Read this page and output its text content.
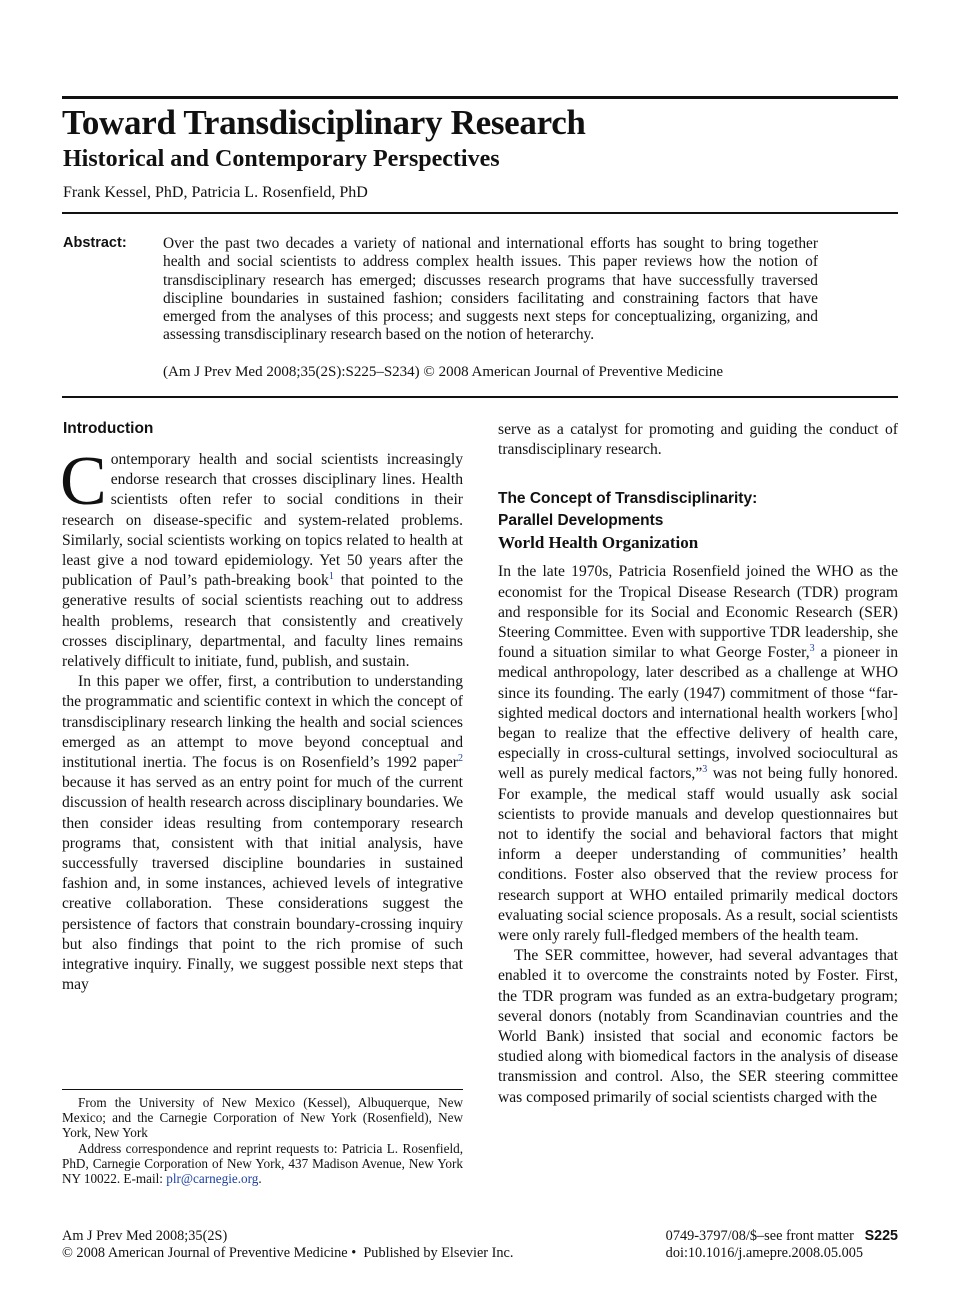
Toward Transdisciplinary Research
Historical and Contemporary Perspectives
Frank Kessel, PhD, Patricia L. Rosenfield, PhD
Abstract: Over the past two decades a variety of national and international efforts has sought to bring together health and social scientists to address complex health issues. This paper reviews how the notion of transdisciplinary research has emerged; discusses research programs that have successfully traversed discipline boundaries in sustained fashion; considers facilitating and constraining factors that have emerged from the analyses of this process; and suggests next steps for conceptualizing, organizing, and assessing transdisciplinary research based on the notion of heterarchy.
(Am J Prev Med 2008;35(2S):S225–S234) © 2008 American Journal of Preventive Medicine
Introduction

Contemporary health and social scientists increasingly endorse research that crosses disciplinary lines. Health scientists often refer to social conditions in their research on disease-specific and system-related problems. Similarly, social scientists working on topics related to health at least give a nod toward epidemiology. Yet 50 years after the publication of Paul’s path-breaking book$^1$ that pointed to the generative results of social scientists reaching out to address health problems, research that consistently and creatively crosses disciplinary, departmental, and faculty lines remains relatively difficult to initiate, fund, publish, and sustain.

In this paper we offer, first, a contribution to understanding the programmatic and scientific context in which the concept of transdisciplinary research linking the health and social sciences emerged as an attempt to move beyond conceptual and institutional inertia. The focus is on Rosenfield’s 1992 paper$^2$ because it has served as an entry point for much of the current discussion of health research across disciplinary boundaries. We then consider ideas resulting from contemporary research programs that, consistent with that initial analysis, have successfully traversed discipline boundaries in sustained fashion and, in some instances, achieved levels of integrative creative collaboration. These considerations suggest the persistence of factors that constrain boundary-crossing inquiry but also findings that point to the rich promise of such integrative inquiry. Finally, we suggest possible next steps that may

serve as a catalyst for promoting and guiding the conduct of transdisciplinary research.

The Concept of Transdisciplinarity:
Parallel Developments

World Health Organization

In the late 1970s, Patricia Rosenfield joined the WHO as the economist for the Tropical Disease Research (TDR) program and responsible for its Social and Economic Research (SER) Steering Committee. Even with supportive TDR leadership, she found a situation similar to what George Foster,$^3$ a pioneer in medical anthropology, later described as a challenge at WHO since its founding. The early (1947) commitment of those “far-sighted medical doctors and international health workers [who] began to realize that the effective delivery of health care, especially in cross-cultural settings, involved sociocultural as well as purely medical factors,”$^3$ was not being fully honored. For example, the medical staff would usually ask social scientists to provide manuals and develop questionnaires but not to identify the social and behavioral factors that might inform a deeper understanding of communities’ health conditions. Foster also observed that the review process for research support at WHO entailed primarily medical doctors evaluating social science proposals. As a result, social scientists were only rarely full-fledged members of the health team.

The SER committee, however, had several advantages that enabled it to overcome the constraints noted by Foster. First, the TDR program was funded as an extra-budgetary program; several donors (notably from Scandinavian countries and the World Bank) insisted that social and economic factors be studied along with biomedical factors in the analysis of disease transmission and control. Also, the SER steering committee was composed primarily of social scientists charged with the

From the University of New Mexico (Kessel), Albuquerque, New Mexico; and the Carnegie Corporation of New York (Rosenfield), New York, New York

Address correspondence and reprint requests to: Patricia L. Rosenfield, PhD, Carnegie Corporation of New York, 437 Madison Avenue, New York NY 10022. E-mail: plr@carnegie.org.

Am J Prev Med 2008;35(2S)
© 2008 American Journal of Preventive Medicine • Published by Elsevier Inc.
0749-3797/08/$–see front matter S225
doi:10.1016/j.amepre.2008.05.005
